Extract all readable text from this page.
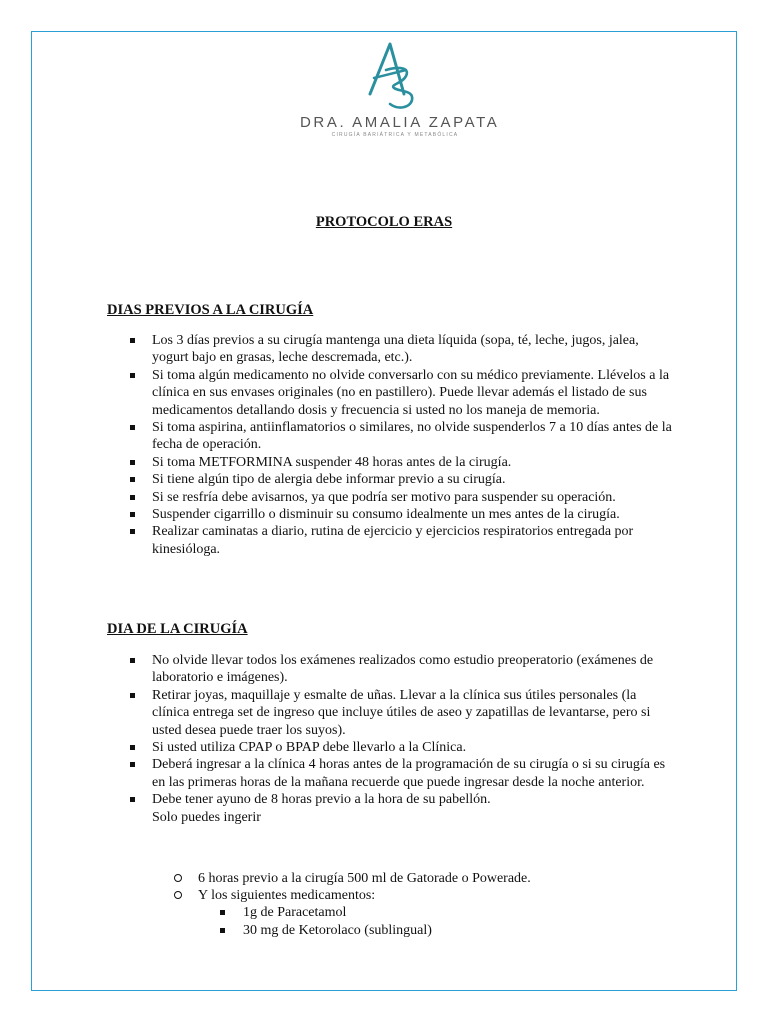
DRA. AMALIA ZAPATA
CIRUGÍA BARIÁTRICA Y METABÓLICA
PROTOCOLO ERAS
DIAS PREVIOS A LA CIRUGÍA
Los 3 días previos a su cirugía mantenga una dieta líquida (sopa, té, leche, jugos, jalea, yogurt bajo en grasas, leche descremada, etc.).
Si toma algún medicamento no olvide conversarlo con su médico previamente. Llévelos a la clínica en sus envases originales (no en pastillero). Puede llevar además el listado de sus medicamentos detallando dosis y frecuencia si usted no los maneja de memoria.
Si toma aspirina, antiinflamatorios o similares, no olvide suspenderlos 7 a 10 días antes de la fecha de operación.
Si toma METFORMINA suspender 48 horas antes de la cirugía.
Si tiene algún tipo de alergia debe informar previo a su cirugía.
Si se resfría debe avisarnos, ya que podría ser motivo para suspender su operación.
Suspender cigarrillo o disminuir su consumo idealmente un mes antes de la cirugía.
Realizar caminatas a diario, rutina de ejercicio y ejercicios respiratorios entregada por kinesióloga.
DIA DE LA CIRUGÍA
No olvide llevar todos los exámenes realizados como estudio preoperatorio (exámenes de laboratorio e imágenes).
Retirar joyas, maquillaje y esmalte de uñas. Llevar a la clínica sus útiles personales (la clínica entrega set de ingreso que incluye útiles de aseo y zapatillas de levantarse, pero si usted desea puede traer los suyos).
Si usted utiliza CPAP o BPAP debe llevarlo a la Clínica.
Deberá ingresar a la clínica 4 horas antes de la programación de su cirugía o si su cirugía es en las primeras horas de la mañana recuerde que puede ingresar desde la noche anterior.
Debe tener ayuno de 8 horas previo a la hora de su pabellón.
Solo puedes ingerir
6 horas previo a la cirugía 500 ml de Gatorade o Powerade.
Y los siguientes medicamentos:
1g de Paracetamol
30 mg de Ketorolaco (sublingual)
